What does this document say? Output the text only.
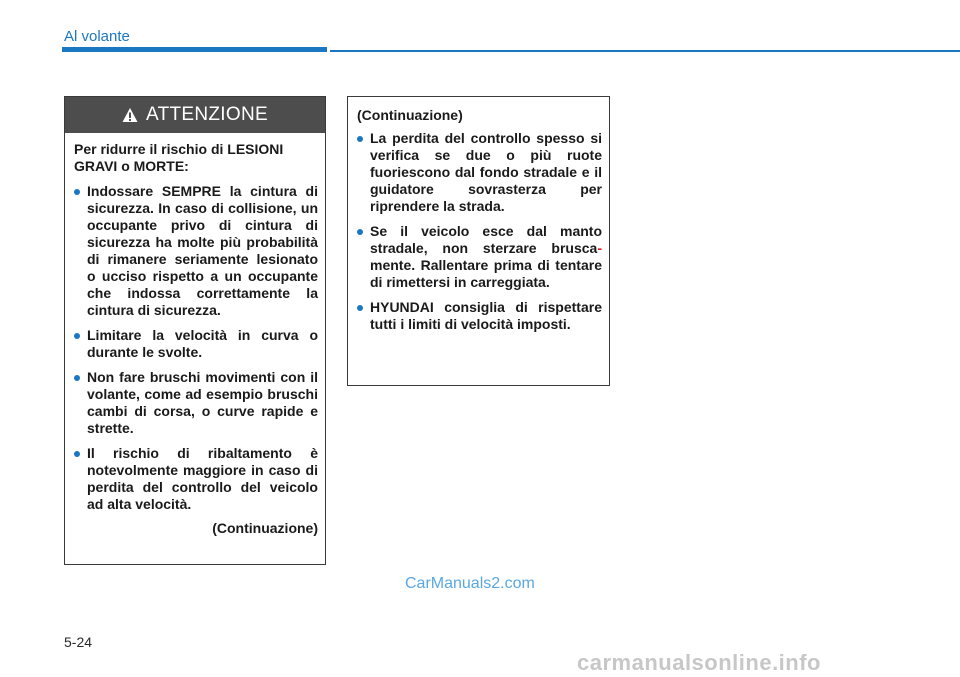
Al volante
ATTENZIONE

Per ridurre il rischio di LESIONI GRAVI o MORTE:

Indossare SEMPRE la cintura di sicurezza. In caso di collisione, un occupante privo di cintura di sicurezza ha molte più probabilità di rimanere seriamente lesionato o ucciso rispetto a un occupante che indossa correttamente la cintura di sicurezza.
Limitare la velocità in curva o durante le svolte.
Non fare bruschi movimenti con il volante, come ad esempio bruschi cambi di corsa, o curve rapide e strette.
Il rischio di ribaltamento è notevolmente maggiore in caso di perdita del controllo del veicolo ad alta velocità.

(Continuazione)

(Continuazione)

La perdita del controllo spesso si verifica se due o più ruote fuoriescono dal fondo stradale e il guidatore sovrasterza per riprendere la strada.
Se il veicolo esce dal manto stradale, non sterzare brusca-mente. Rallentare prima di tentare di rimettersi in carreggiata.
HYUNDAI consiglia di rispettare tutti i limiti di velocità imposti.
CarManuals2.com
5-24
carmanualsonline.info
